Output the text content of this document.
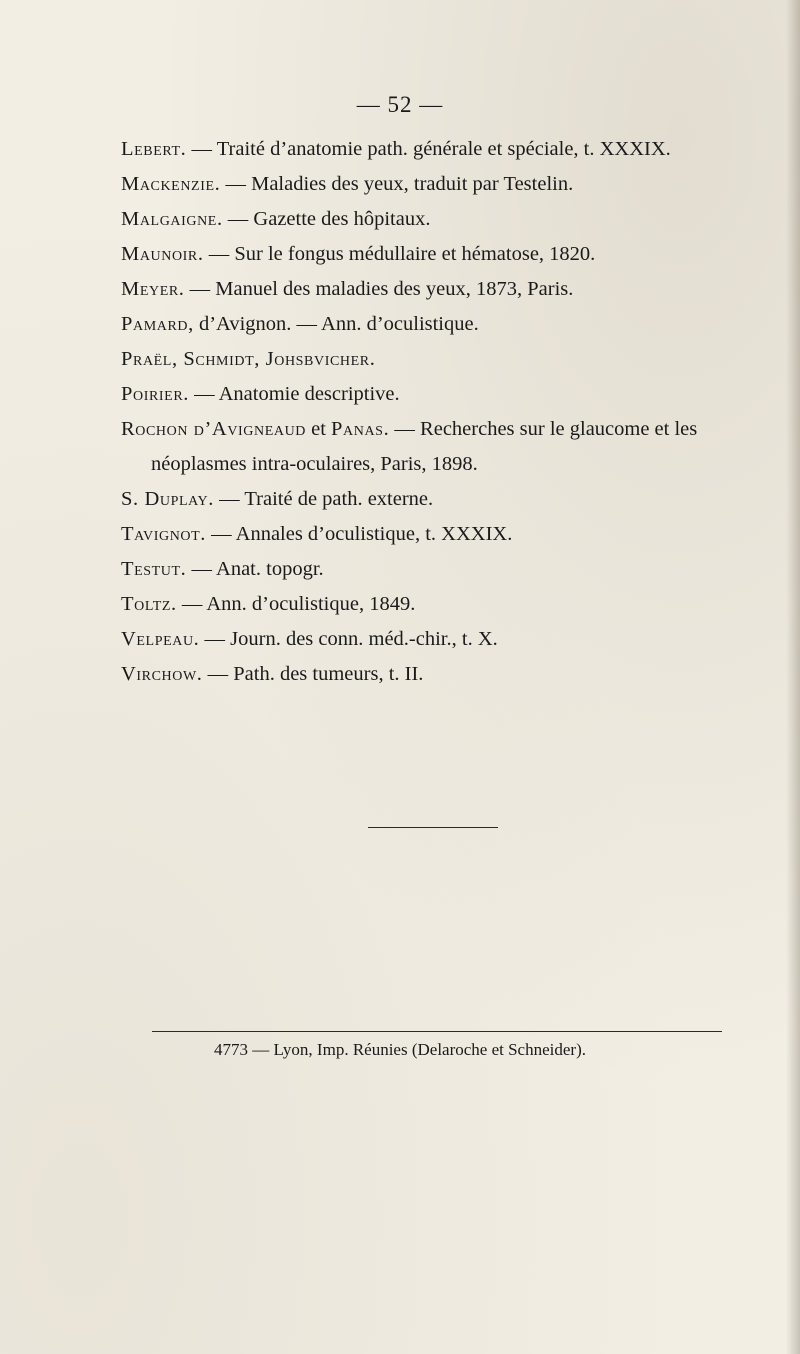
— 52 —
Lebert. — Traité d’anatomie path. générale et spéciale, t. XXXIX.
Mackenzie. — Maladies des yeux, traduit par Testelin.
Malgaigne. — Gazette des hôpitaux.
Maunoir. — Sur le fongus médullaire et hématose, 1820.
Meyer. — Manuel des maladies des yeux, 1873, Paris.
Pamard, d’Avignon. — Ann. d’oculistique.
Praël, Schmidt, Johsbvicher.
Poirier. — Anatomie descriptive.
Rochon d’Avigneaud et Panas. — Recherches sur le glaucome et les néoplasmes intra-oculaires, Paris, 1898.
S. Duplay. — Traité de path. externe.
Tavignot. — Annales d’oculistique, t. XXXIX.
Testut. — Anat. topogr.
Toltz. — Ann. d’oculistique, 1849.
Velpeau. — Journ. des conn. méd.-chir., t. X.
Virchow. — Path. des tumeurs, t. II.
4773 — Lyon, Imp. Réunies (Delaroche et Schneider).
